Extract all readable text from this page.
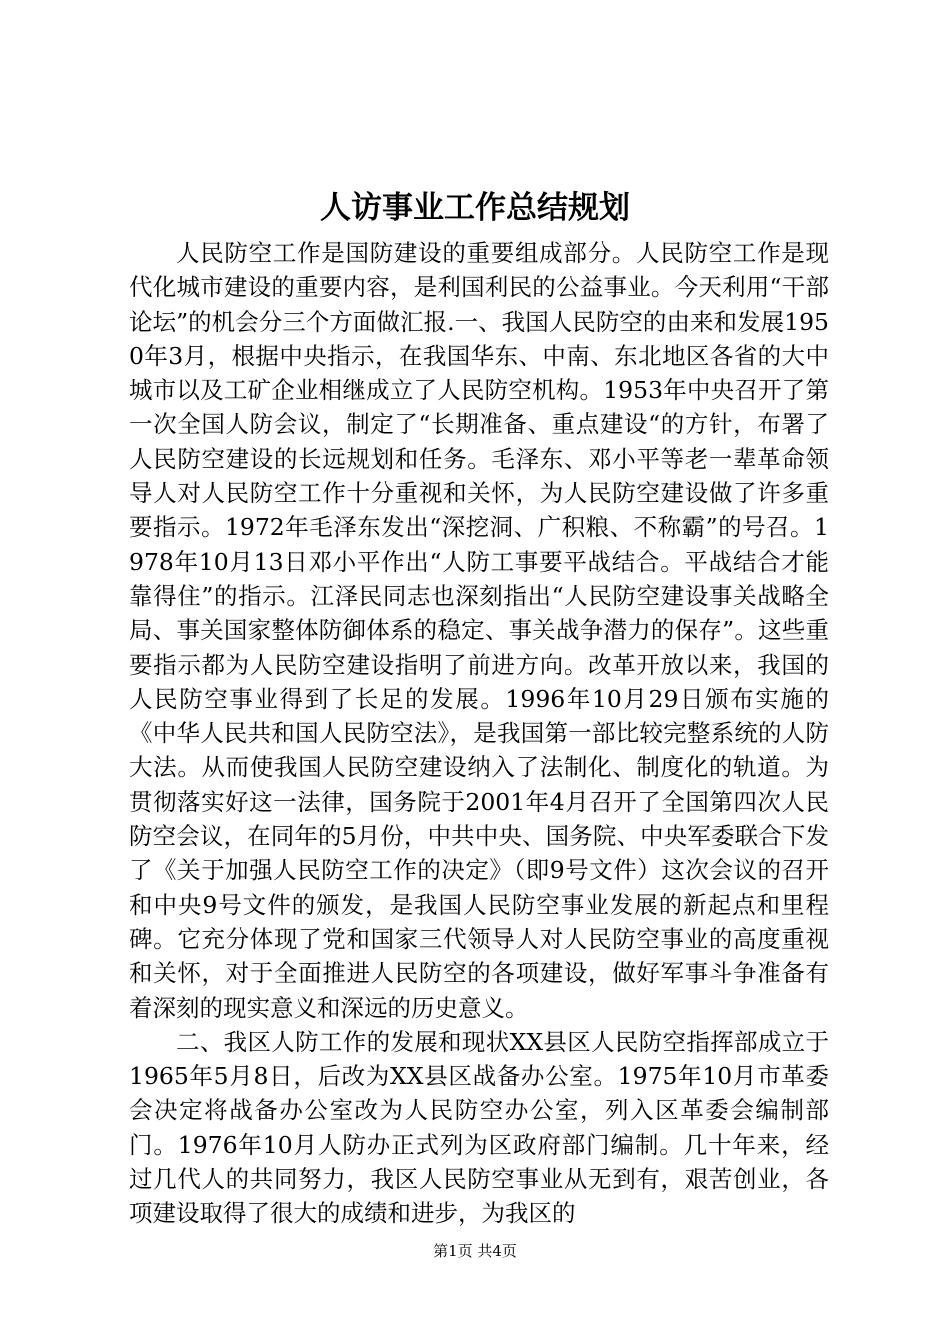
人访事业工作总结规划

人民防空工作是国防建设的重要组成部分。人民防空工作是现代化城市建设的重要内容，是利国利民的公益事业。今天利用“干部论坛”的机会分三个方面做汇报.一、我国人民防空的由来和发展1950年3月，根据中央指示，在我国华东、中南、东北地区各省的大中城市以及工矿企业相继成立了人民防空机构。1953年中央召开了第一次全国人防会议，制定了“长期准备、重点建设“的方针，布署了人民防空建设的长远规划和任务。毛泽东、邓小平等老一辈革命领导人对人民防空工作十分重视和关怀，为人民防空建设做了许多重要指示。1972年毛泽东发出“深挖洞、广积粮、不称霸”的号召。1978年10月13日邓小平作出“人防工事要平战结合。平战结合才能靠得住”的指示。江泽民同志也深刻指出“人民防空建设事关战略全局、事关国家整体防御体系的稳定、事关战争潜力的保存”。这些重要指示都为人民防空建设指明了前进方向。改革开放以来，我国的人民防空事业得到了长足的发展。1996年10月29日颁布实施的《中华人民共和国人民防空法》，是我国第一部比较完整系统的人防大法。从而使我国人民防空建设纳入了法制化、制度化的轨道。为贯彻落实好这一法律，国务院于2001年4月召开了全国第四次人民防空会议，在同年的5月份，中共中央、国务院、中央军委联合下发了《关于加强人民防空工作的决定》（即9号文件）这次会议的召开和中央9号文件的颁发，是我国人民防空事业发展的新起点和里程碑。它充分体现了党和国家三代领导人对人民防空事业的高度重视和关怀，对于全面推进人民防空的各项建设，做好军事斗争准备有着深刻的现实意义和深远的历史意义。

二、我区人防工作的发展和现状XX县区人民防空指挥部成立于1965年5月8日，后改为XX县区战备办公室。1975年10月市革委会决定将战备办公室改为人民防空办公室，列入区革委会编制部门。1976年10月人防办正式列为区政府部门编制。几十年来，经过几代人的共同努力，我区人民防空事业从无到有，艰苦创业，各项建设取得了很大的成绩和进步，为我区的

第1页 共4页
